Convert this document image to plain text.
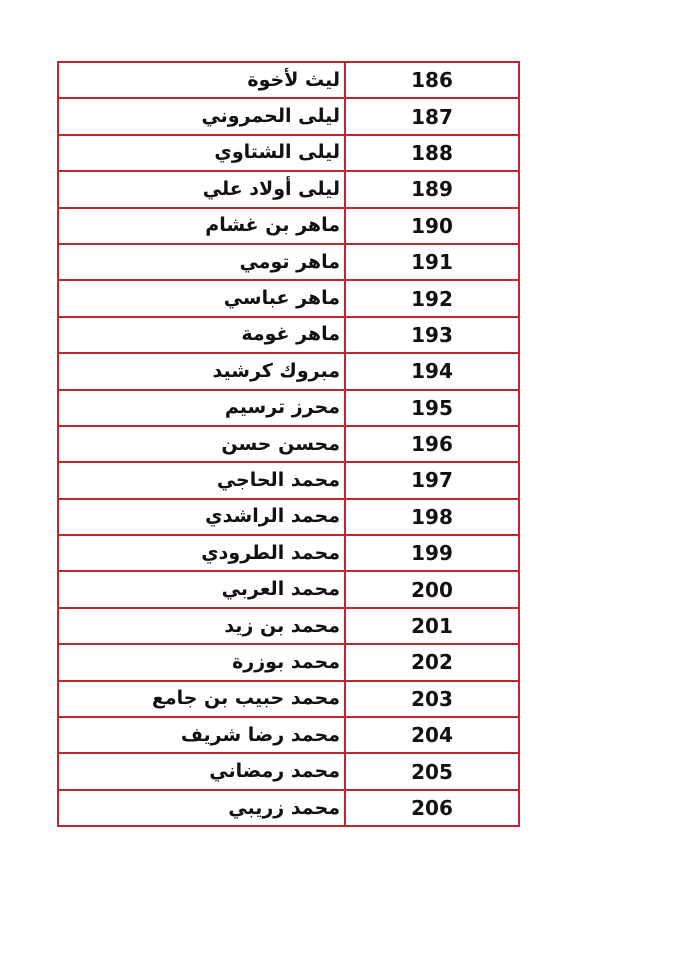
ليث لأخوة	186
ليلى الحمروني	187
ليلى الشتاوي	188
ليلى أولاد علي	189
ماهر بن غشام	190
ماهر تومي	191
ماهر عباسي	192
ماهر غومة	193
مبروك كرشيد	194
محرز ترسيم	195
محسن حسن	196
محمد الحاجي	197
محمد الراشدي	198
محمد الطرودي	199
محمد العربي	200
محمد بن زيد	201
محمد بوزرة	202
محمد حبيب بن جامع	203
محمد رضا شريف	204
محمد رمضاني	205
محمد زريبي	206
